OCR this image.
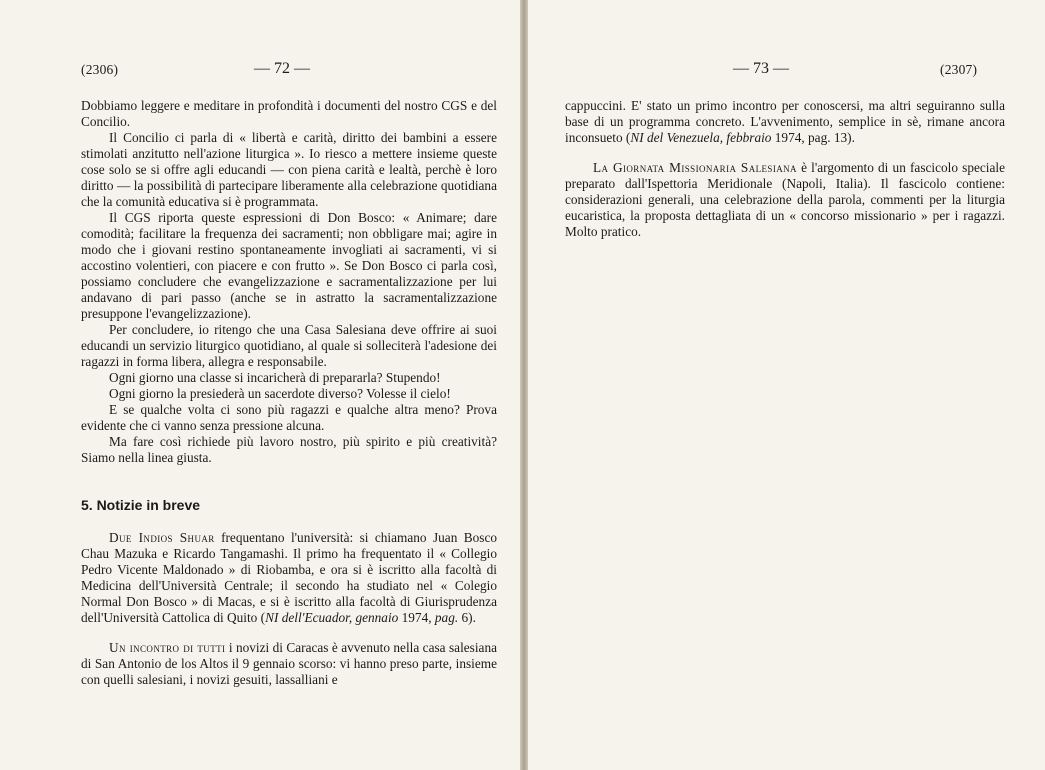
(2306)	— 72 —

Dobbiamo leggere e meditare in profondità i documenti del nostro CGS e del Concilio.

Il Concilio ci parla di « libertà e carità, diritto dei bambini a essere stimolati anzitutto nell'azione liturgica ». Io riesco a mettere insieme queste cose solo se si offre agli educandi — con piena carità e lealtà, perchè è loro diritto — la possibilità di partecipare liberamente alla celebrazione quotidiana che la comunità educativa si è programmata.

Il CGS riporta queste espressioni di Don Bosco: « Animare; dare comodità; facilitare la frequenza dei sacramenti; non obbligare mai; agire in modo che i giovani restino spontaneamente invogliati ai sacramenti, vi si accostino volentieri, con piacere e con frutto ». Se Don Bosco ci parla così, possiamo concludere che evangelizzazione e sacramentalizzazione per lui andavano di pari passo (anche se in astratto la sacramentalizzazione presuppone l'evangelizzazione).

Per concludere, io ritengo che una Casa Salesiana deve offrire ai suoi educandi un servizio liturgico quotidiano, al quale si solleciterà l'adesione dei ragazzi in forma libera, allegra e responsabile.

Ogni giorno una classe si incaricherà di prepararla? Stupendo!

Ogni giorno la presiederà un sacerdote diverso? Volesse il cielo!

E se qualche volta ci sono più ragazzi e qualche altra meno? Prova evidente che ci vanno senza pressione alcuna.

Ma fare così richiede più lavoro nostro, più spirito e più creatività? Siamo nella linea giusta.

5. Notizie in breve

Due Indios Shuar frequentano l'università: si chiamano Juan Bosco Chau Mazuka e Ricardo Tangamashi. Il primo ha frequentato il « Collegio Pedro Vicente Maldonado » di Riobamba, e ora si è iscritto alla facoltà di Medicina dell'Università Centrale; il secondo ha studiato nel « Colegio Normal Don Bosco » di Macas, e si è iscritto alla facoltà di Giurisprudenza dell'Università Cattolica di Quito (NI dell'Ecuador, gennaio 1974, pag. 6).

Un incontro di tutti i novizi di Caracas è avvenuto nella casa salesiana di San Antonio de los Altos il 9 gennaio scorso: vi hanno preso parte, insieme con quelli salesiani, i novizi gesuiti, lassalliani e

— 73 —	(2307)

cappuccini. E' stato un primo incontro per conoscersi, ma altri seguiranno sulla base di un programma concreto. L'avvenimento, semplice in sè, rimane ancora inconsueto (NI del Venezuela, febbraio 1974, pag. 13).

La Giornata Missionaria Salesiana è l'argomento di un fascicolo speciale preparato dall'Ispettoria Meridionale (Napoli, Italia). Il fascicolo contiene: considerazioni generali, una celebrazione della parola, commenti per la liturgia eucaristica, la proposta dettagliata di un « concorso missionario » per i ragazzi. Molto pratico.
